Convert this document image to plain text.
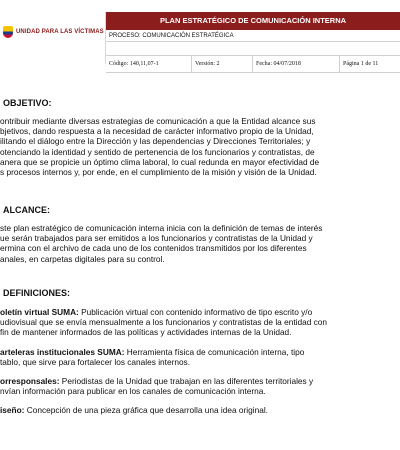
UNIDAD PARA LAS VÍCTIMAS
PLAN ESTRATÉGICO DE COMUNICACIÓN INTERNA
PROCESO: COMUNICACIÓN ESTRATÉGICA
Código: 140,11,07-1	Versión: 2	Fecha: 04/07/2018	Página 1 de 11

OBJETIVO:

ontribuir mediante diversas estrategias de comunicación a que la Entidad alcance sus

bjetivos, dando respuesta a la necesidad de carácter informativo propio de la Unidad,

ilitando el diálogo entre la Dirección y las dependencias y Direcciones Territoriales; y

otenciando la identidad y sentido de pertenencia de los funcionarios y contratistas, de

anera que se propicie un óptimo clima laboral, lo cual redunda en mayor efectividad de

s procesos internos y, por ende, en el cumplimiento de la misión y visión de la Unidad.

ALCANCE:

ste plan estratégico de comunicación interna inicia con la definición de temas de interés

ue serán trabajados para ser emitidos a los funcionarios y contratistas de la Unidad y

ermina con el archivo de cada uno de los contenidos transmitidos por los diferentes

anales, en carpetas digitales para su control.

DEFINICIONES:

oletín virtual SUMA: Publicación virtual con contenido informativo de tipo escrito y/o

udiovisual que se envía mensualmente a los funcionarios y contratistas de la entidad con

fin de mantener informados de las políticas y actividades internas de la Unidad.

arteleras institucionales SUMA: Herramienta física de comunicación interna, tipo

tablo, que sirve para fortalecer los canales internos.

orresponsales: Periodistas de la Unidad que trabajan en las diferentes territoriales y

nvían información para publicar en los canales de comunicación interna.

iseño: Concepción de una pieza gráfica que desarrolla una idea original.
